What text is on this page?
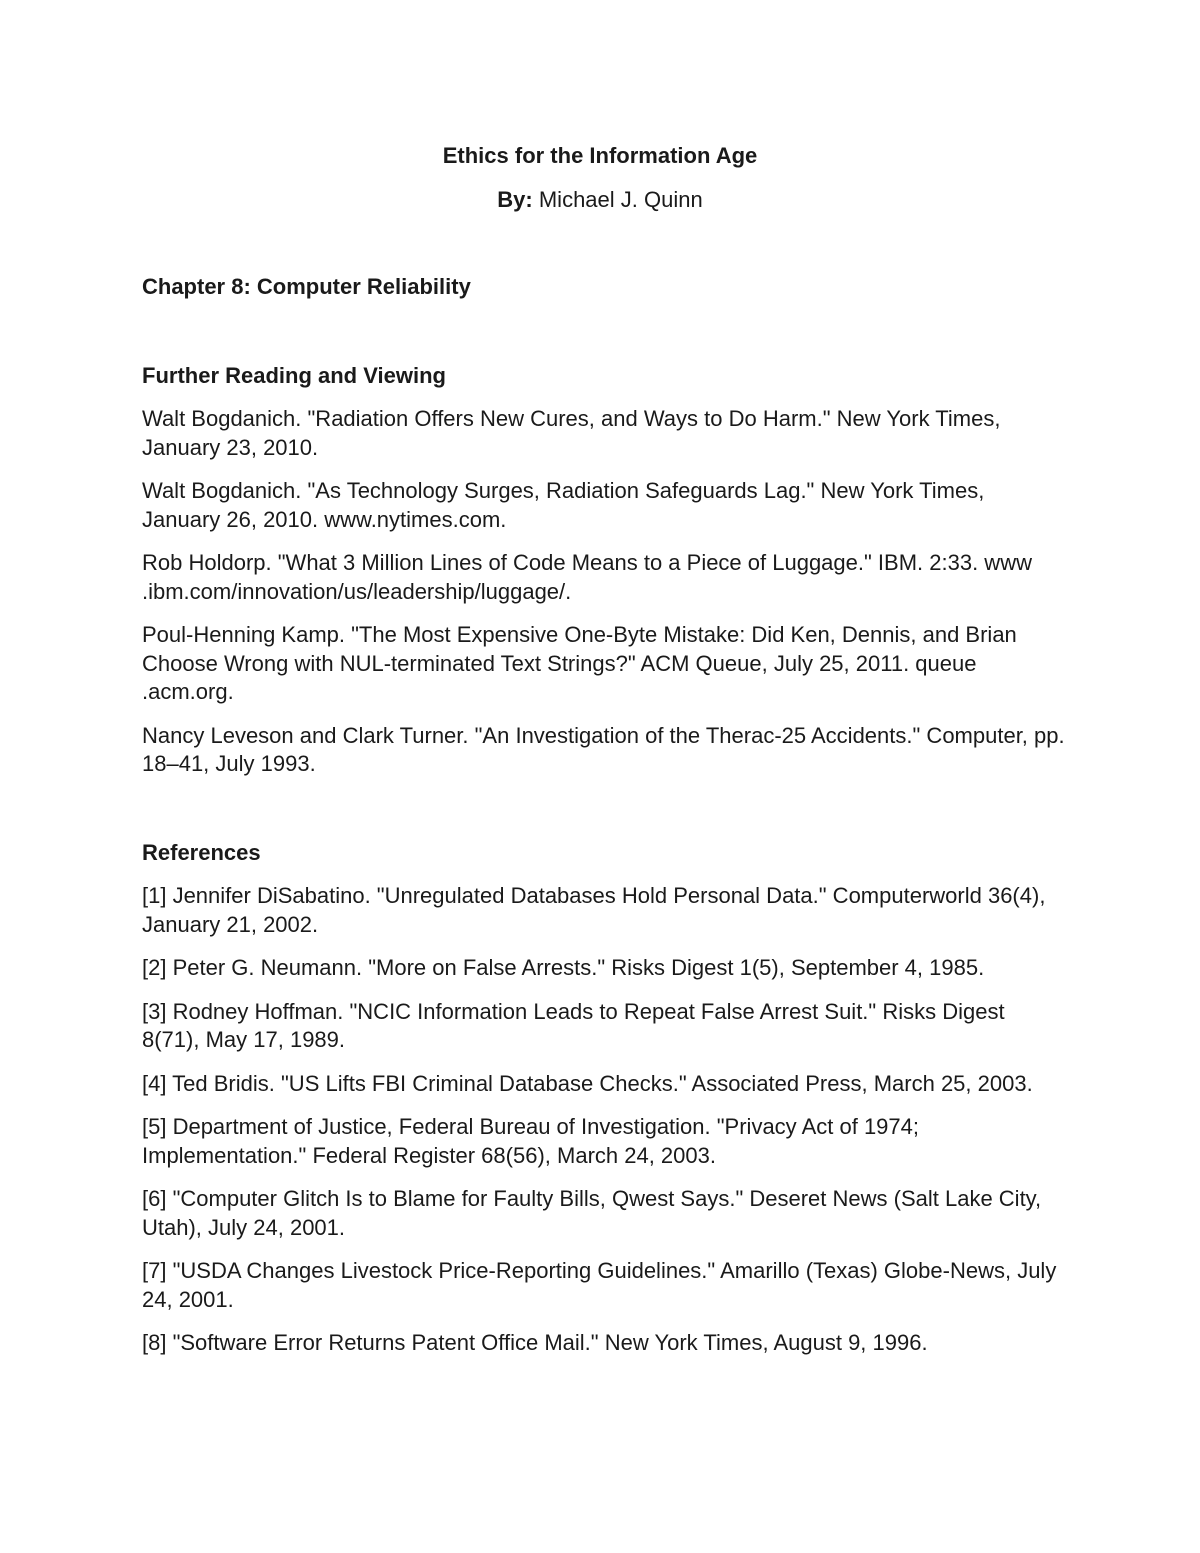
Ethics for the Information Age

By: Michael J. Quinn

Chapter 8: Computer Reliability

Further Reading and Viewing

Walt Bogdanich. "Radiation Offers New Cures, and Ways to Do Harm." New York Times, January 23, 2010.

Walt Bogdanich. "As Technology Surges, Radiation Safeguards Lag." New York Times, January 26, 2010. www.nytimes.com.

Rob Holdorp. "What 3 Million Lines of Code Means to a Piece of Luggage." IBM. 2:33. www .ibm.com/innovation/us/leadership/luggage/.

Poul-Henning Kamp. "The Most Expensive One-Byte Mistake: Did Ken, Dennis, and Brian Choose Wrong with NUL-terminated Text Strings?" ACM Queue, July 25, 2011. queue .acm.org.

Nancy Leveson and Clark Turner. "An Investigation of the Therac-25 Accidents." Computer, pp. 18–41, July 1993.

References

[1] Jennifer DiSabatino. "Unregulated Databases Hold Personal Data." Computerworld 36(4), January 21, 2002.

[2] Peter G. Neumann. "More on False Arrests." Risks Digest 1(5), September 4, 1985.

[3] Rodney Hoffman. "NCIC Information Leads to Repeat False Arrest Suit." Risks Digest 8(71), May 17, 1989.

[4] Ted Bridis. "US Lifts FBI Criminal Database Checks." Associated Press, March 25, 2003.

[5] Department of Justice, Federal Bureau of Investigation. "Privacy Act of 1974; Implementation." Federal Register 68(56), March 24, 2003.

[6] "Computer Glitch Is to Blame for Faulty Bills, Qwest Says." Deseret News (Salt Lake City, Utah), July 24, 2001.

[7] "USDA Changes Livestock Price-Reporting Guidelines." Amarillo (Texas) Globe-News, July 24, 2001.

[8] "Software Error Returns Patent Office Mail." New York Times, August 9, 1996.
